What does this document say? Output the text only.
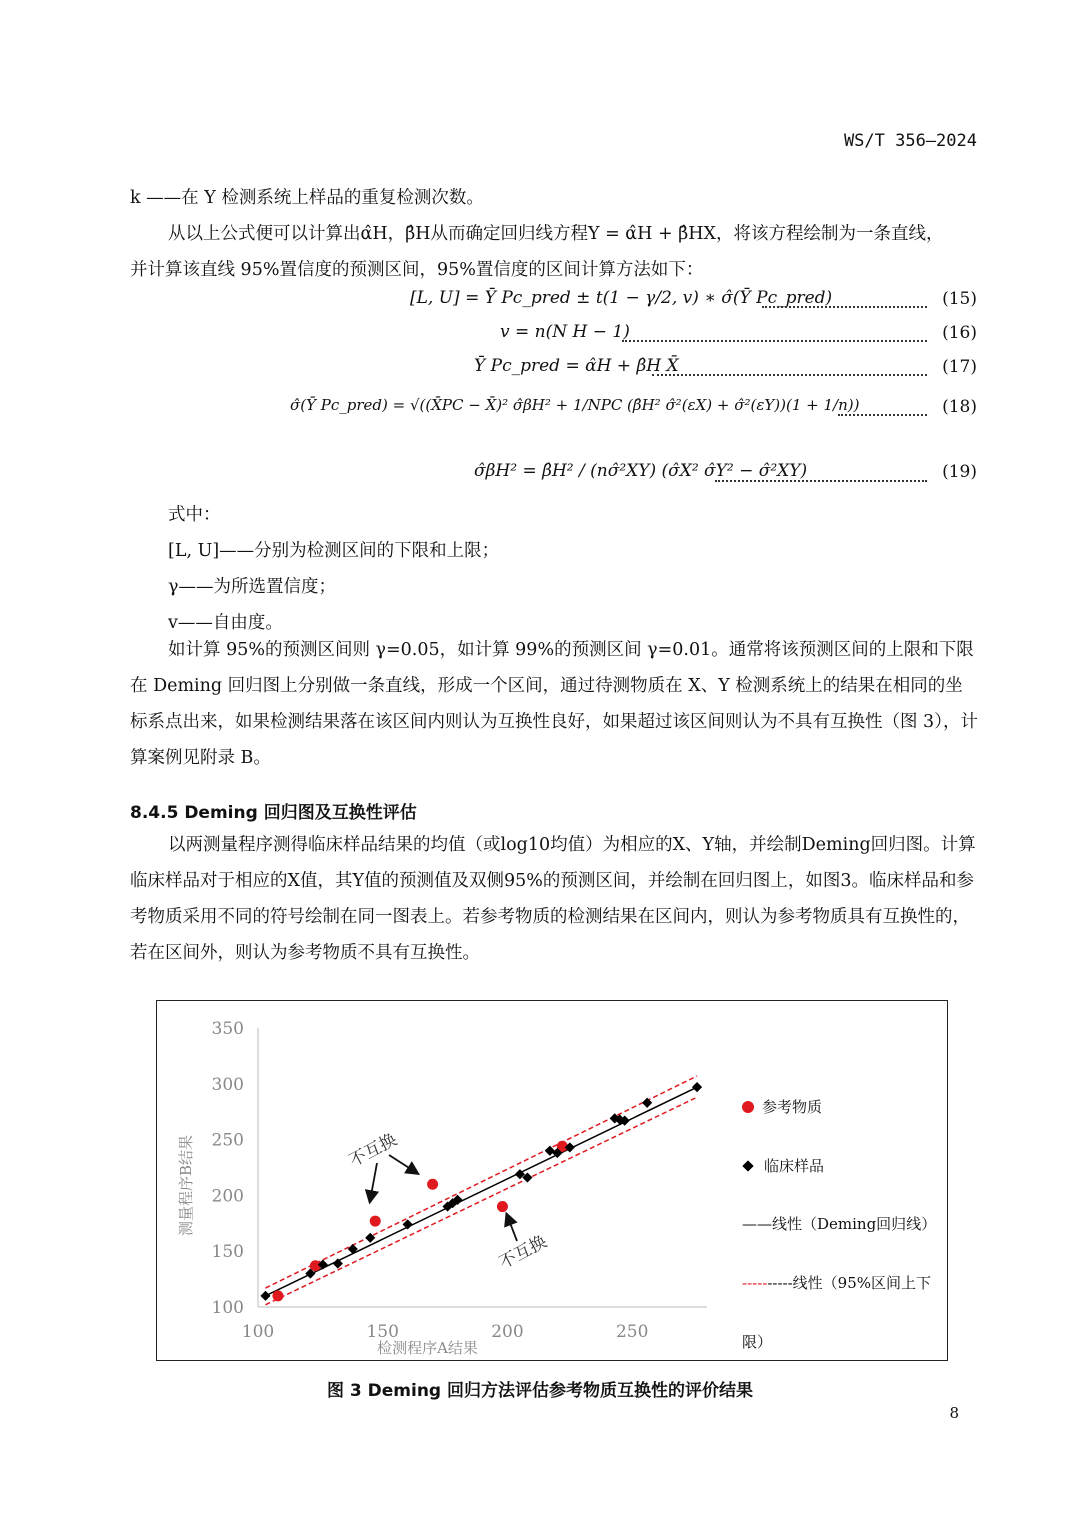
WS/T 356—2024
k ——在 Y 检测系统上样品的重复检测次数。
从以上公式便可以计算出α̂H，β̂H从而确定回归线方程Y = α̂H + β̂HX，将该方程绘制为一条直线，
并计算该直线 95%置信度的预测区间，95%置信度的区间计算方法如下：
[L, U] = Ȳ Pc_pred ± t(1 − γ/2, v) ∗ σ̂(Ȳ Pc_pred)	(15)
v = n(N H − 1)	(16)
Ȳ Pc_pred = α̂H + β̂H X̄	(17)
σ̂(Ȳ Pc_pred) = √((X̄PC − X̄)² σ̂βH² + 1/NPC (β̂H² σ̂²(εX) + σ̂²(εY))(1 + 1/n))	(18)
σ̂βH² = β̂H² / (nσ̂²XY) (σ̂X² σ̂Y² − σ̂²XY)	(19)
式中：
[L, U]——分别为检测区间的下限和上限；
γ——为所选置信度；
v——自由度。
如计算 95%的预测区间则 γ=0.05，如计算 99%的预测区间 γ=0.01。通常将该预测区间的上限和下限在 Deming 回归图上分别做一条直线，形成一个区间，通过待测物质在 X、Y 检测系统上的结果在相同的坐标系点出来，如果检测结果落在该区间内则认为互换性良好，如果超过该区间则认为不具有互换性（图 3），计算案例见附录 B。
8.4.5 Deming 回归图及互换性评估
以两测量程序测得临床样品结果的均值（或log10均值）为相应的X、Y轴，并绘制Deming回归图。计算临床样品对于相应的X值，其Y值的预测值及双侧95%的预测区间，并绘制在回归图上，如图3。临床样品和参考物质采用不同的符号绘制在同一图表上。若参考物质的检测结果在区间内，则认为参考物质具有互换性的，若在区间外，则认为参考物质不具有互换性。
100
150
200
250
300
350
100	150	200	250
检测程序A结果
测量程序B结果	不互换
不互换
参考物质
临床样品
——线性（Deming回归线）
----------线性（95%区间上下
限）
图 3 Deming 回归方法评估参考物质互换性的评价结果
8
